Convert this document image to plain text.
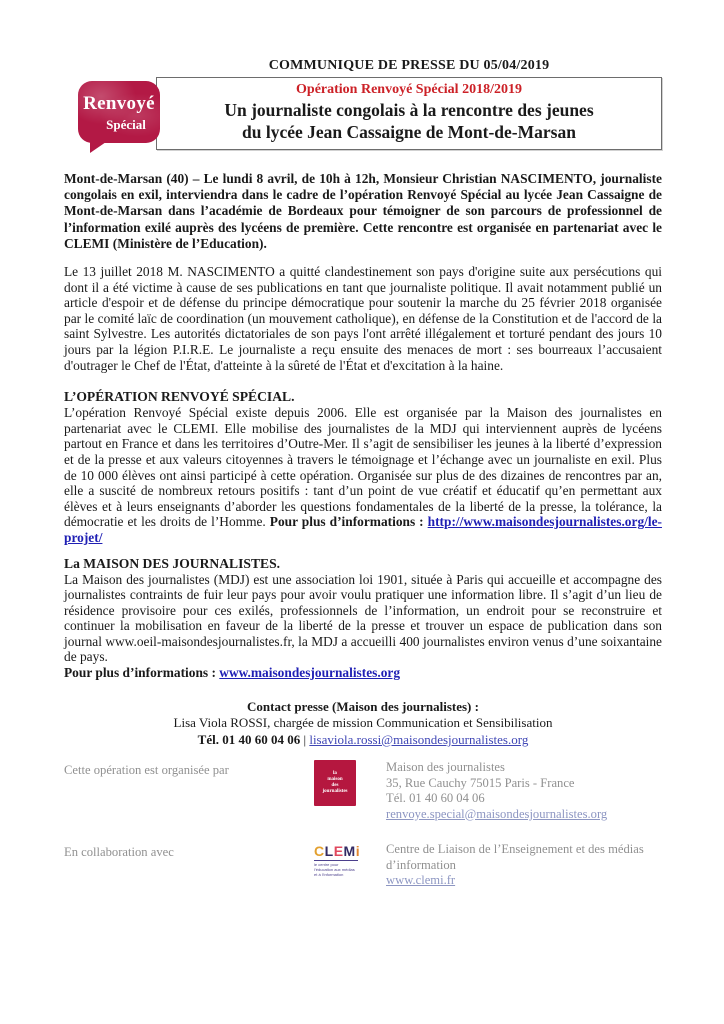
COMMUNIQUE DE PRESSE DU 05/04/2019
Renvoyé
Spécial
Opération Renvoyé Spécial 2018/2019
Un journaliste congolais à la rencontre des jeunes
du lycée Jean Cassaigne de Mont-de-Marsan

Mont-de-Marsan (40) – Le lundi 8 avril, de 10h à 12h, Monsieur Christian NASCIMENTO, journaliste congolais en exil, interviendra dans le cadre de l’opération Renvoyé Spécial au lycée Jean Cassaigne de Mont-de-Marsan dans l’académie de Bordeaux pour témoigner de son parcours de professionnel de l’information exilé auprès des lycéens de première. Cette rencontre est organisée en partenariat avec le CLEMI (Ministère de l’Education).

Le 13 juillet 2018 M. NASCIMENTO a quitté clandestinement son pays d'origine suite aux persécutions qui dont il a été victime à cause de ses publications en tant que journaliste politique. Il avait notamment publié un article d'espoir et de défense du principe démocratique pour soutenir la marche du 25 février 2018 organisée par le comité laïc de coordination (un mouvement catholique), en défense de la Constitution et de l'accord de la saint Sylvestre. Les autorités dictatoriales de son pays l'ont arrêté illégalement et torturé pendant des jours 10 jours par la légion P.I.R.E. Le journaliste a reçu ensuite des menaces de mort : ses bourreaux l’accusaient d'outrager le Chef de l'État, d'atteinte à la sûreté de l'État et d'excitation à la haine.

L’OPÉRATION RENVOYÉ SPÉCIAL.

L’opération Renvoyé Spécial existe depuis 2006. Elle est organisée par la Maison des journalistes en partenariat avec le CLEMI. Elle mobilise des journalistes de la MDJ qui interviennent auprès de lycéens partout en France et dans les territoires d’Outre-Mer. Il s’agit de sensibiliser les jeunes à la liberté d’expression et de la presse et aux valeurs citoyennes à travers le témoignage et l’échange avec un journaliste en exil. Plus de 10 000 élèves ont ainsi participé à cette opération. Organisée sur plus de des dizaines de rencontres par an, elle a suscité de nombreux retours positifs : tant d’un point de vue créatif et éducatif qu’en permettant aux élèves et à leurs enseignants d’aborder les questions fondamentales de la liberté de la presse, la tolérance, la démocratie et les droits de l’Homme. Pour plus d’informations : http://www.maisondesjournalistes.org/le-projet/

La MAISON DES JOURNALISTES.

La Maison des journalistes (MDJ) est une association loi 1901, située à Paris qui accueille et accompagne des journalistes contraints de fuir leur pays pour avoir voulu pratiquer une information libre. Il s’agit d’un lieu de résidence provisoire pour ces exilés, professionnels de l’information, un endroit pour se reconstruire et continuer la mobilisation en faveur de la liberté de la presse et trouver un espace de publication dans son journal www.oeil-maisondesjournalistes.fr, la MDJ a accueilli 400 journalistes environ venus d’une soixantaine de pays.

Pour plus d’informations : www.maisondesjournalistes.org

Contact presse (Maison des journalistes) :
Lisa Viola ROSSI, chargée de mission Communication et Sensibilisation
Tél. 01 40 60 04 06 | lisaviola.rossi@maisondesjournalistes.org
Cette opération est organisée par	la
maison
des
journalistes
Maison des journalistes
35, Rue Cauchy 75015 Paris - France
Tél. 01 40 60 04 06
renvoye.special@maisondesjournalistes.org
En collaboration avec	CLEMi
le centre pour l’éducation aux médias et à l’information
Centre de Liaison de l’Enseignement et des médias
d’information
www.clemi.fr
